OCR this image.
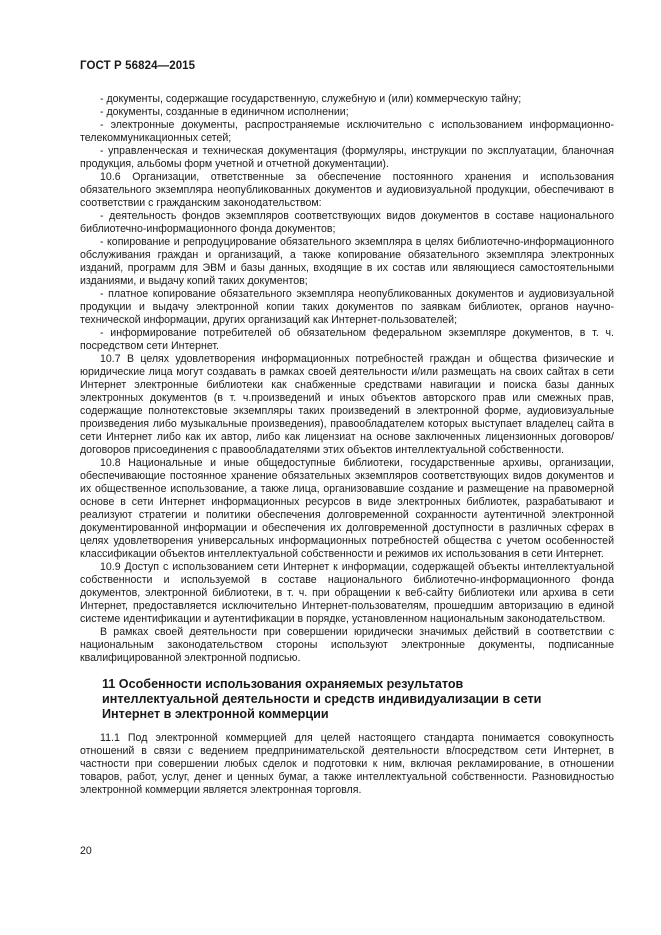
ГОСТ Р 56824—2015

- документы, содержащие государственную, служебную и (или) коммерческую тайну;

- документы, созданные в единичном исполнении;

- электронные документы, распространяемые исключительно с использованием информационно-телекоммуникационных сетей;

- управленческая и техническая документация (формуляры, инструкции по эксплуатации, бланочная продукция, альбомы форм учетной и отчетной документации).

10.6 Организации, ответственные за обеспечение постоянного хранения и использования обязательного экземпляра неопубликованных документов и аудиовизуальной продукции, обеспечивают в соответствии с гражданским законодательством:

- деятельность фондов экземпляров соответствующих видов документов в составе национального библиотечно-информационного фонда документов;

- копирование и репродуцирование обязательного экземпляра в целях библиотечно-информационного обслуживания граждан и организаций, а также копирование обязательного экземпляра электронных изданий, программ для ЭВМ и базы данных, входящие в их состав или являющиеся самостоятельными изданиями, и выдачу копий таких документов;

- платное копирование обязательного экземпляра неопубликованных документов и аудиовизуальной продукции и выдачу электронной копии таких документов по заявкам библиотек, органов научно-технической информации, других организаций как Интернет-пользователей;

- информирование потребителей об обязательном федеральном экземпляре документов, в т. ч. посредством сети Интернет.

10.7 В целях удовлетворения информационных потребностей граждан и общества физические и юридические лица могут создавать в рамках своей деятельности и/или размещать на своих сайтах в сети Интернет электронные библиотеки как снабженные средствами навигации и поиска базы данных электронных документов (в т. ч.произведений и иных объектов авторского прав или смежных прав, содержащие полнотекстовые экземпляры таких произведений в электронной форме, аудиовизуальные произведения либо музыкальные произведения), правообладателем которых выступает владелец сайта в сети Интернет либо как их автор, либо как лицензиат на основе заключенных лицензионных договоров/договоров присоединения с правообладателями этих объектов интеллектуальной собственности.

10.8 Национальные и иные общедоступные библиотеки, государственные архивы, организации, обеспечивающие постоянное хранение обязательных экземпляров соответствующих видов документов и их общественное использование, а также лица, организовавшие создание и размещение на правомерной основе в сети Интернет информационных ресурсов в виде электронных библиотек, разрабатывают и реализуют стратегии и политики обеспечения долговременной сохранности аутентичной электронной документированной информации и обеспечения их долговременной доступности в различных сферах в целях удовлетворения универсальных информационных потребностей общества с учетом особенностей классификации объектов интеллектуальной собственности и режимов их использования в сети Интернет.

10.9 Доступ с использованием сети Интернет к информации, содержащей объекты интеллектуальной собственности и используемой в составе национального библиотечно-информационного фонда документов, электронной библиотеки, в т. ч. при обращении к веб-сайту библиотеки или архива в сети Интернет, предоставляется исключительно Интернет-пользователям, прошедшим авторизацию в единой системе идентификации и аутентификации в порядке, установленном национальным законодательством.

В рамках своей деятельности при совершении юридически значимых действий в соответствии с национальным законодательством стороны используют электронные документы, подписанные квалифицированной электронной подписью.

11 Особенности использования охраняемых результатов интеллектуальной деятельности и средств индивидуализации в сети Интернет в электронной коммерции

11.1 Под электронной коммерцией для целей настоящего стандарта понимается совокупность отношений в связи с ведением предпринимательской деятельности в/посредством сети Интернет, в частности при совершении любых сделок и подготовки к ним, включая рекламирование, в отношении товаров, работ, услуг, денег и ценных бумаг, а также интеллектуальной собственности. Разновидностью электронной коммерции является электронная торговля.

20
